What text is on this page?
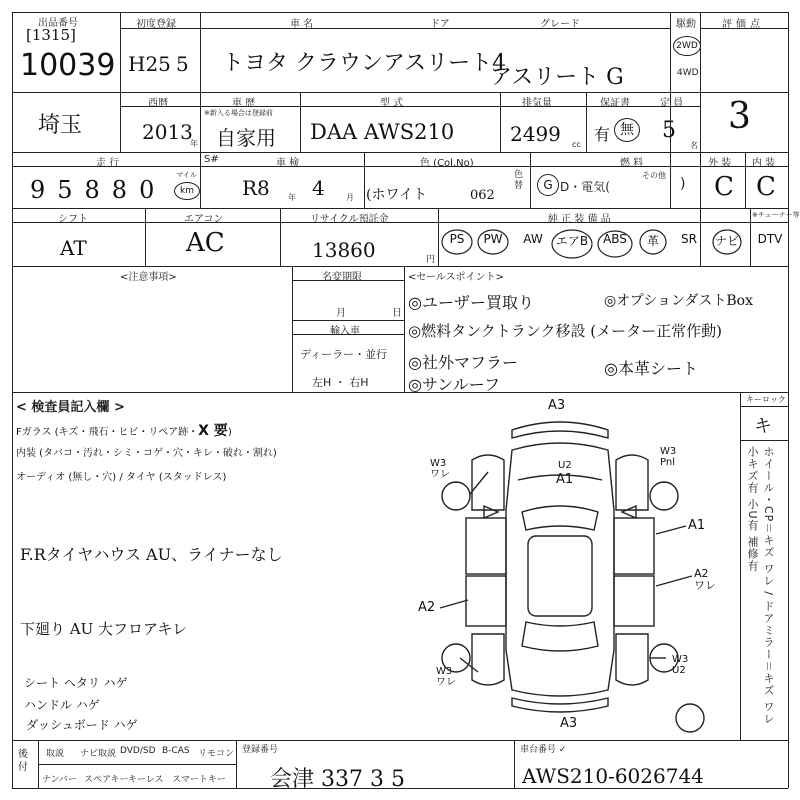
出品番号
[1315]
10039
初度登録
H25 5
車 名
トヨタ クラウンアスリート4
ドア	グレード
アスリート G
駆動
2WD
4WD
評価点
3
埼玉
西暦
2013
年
車 歴
※新入る場合は登録前
自家用
型 式
DAA AWS210
排気量
2499 cc
保証書
有 無
定 員
5
名
走 行
95880
マイル
km
S#	車 検
R8 年 4	月
色 (Col.No)
(ホワイト	062
色替
燃 料
G D・電気(
その他
)
外 装
C
内 装
C
シフト
AT
エアコン
AC
リサイクル預託金
13860	円
純 正 装 備 品	※チューナー等
PS	PW	AW	エアB	ABS	革	SR	ナビ	DTV
<注意事項>	名変期限
月	日
輸入車
ディーラー・並行
左H ・ 右H
<セールスポイント>
◎ユーザー買取り	◎オプションダストBox
◎燃料タンクトランク移設 (メーター正常作動)
◎社外マフラー	◎本革シート
◎サンルーフ
< 検査員記入欄 >
Fガラス (キズ・飛石・ヒビ・リペア跡・X 要)
内装 (タバコ・汚れ・シミ・コゲ・穴・キレ・破れ・割れ)
オーディオ (無し・穴) / タイヤ (スタッドレス)
F.Rタイヤハウス AU、ライナーなし
下廻り AU 大フロアキレ
シート ヘタリ ハゲ
ハンドル ハゲ
ダッシュボード ハゲ
キーロック
キ
ホイール・CP＝キズ ワレ / ドアミラー＝キズ ワレ 小キズ有 小U有 補修有
A3
U2
A1
W3
ワレ
W3
Pnl
A1
A2
ワレ
A2
W3
ワレ
W3
U2
A3
後付
取説 ナビ取説 DVD/SD B-CAS リモコン
ナンバー スペアキー キーレス スマートキー
登録番号
会津 337 3 5
車台番号 ✓
AWS210-6026744
